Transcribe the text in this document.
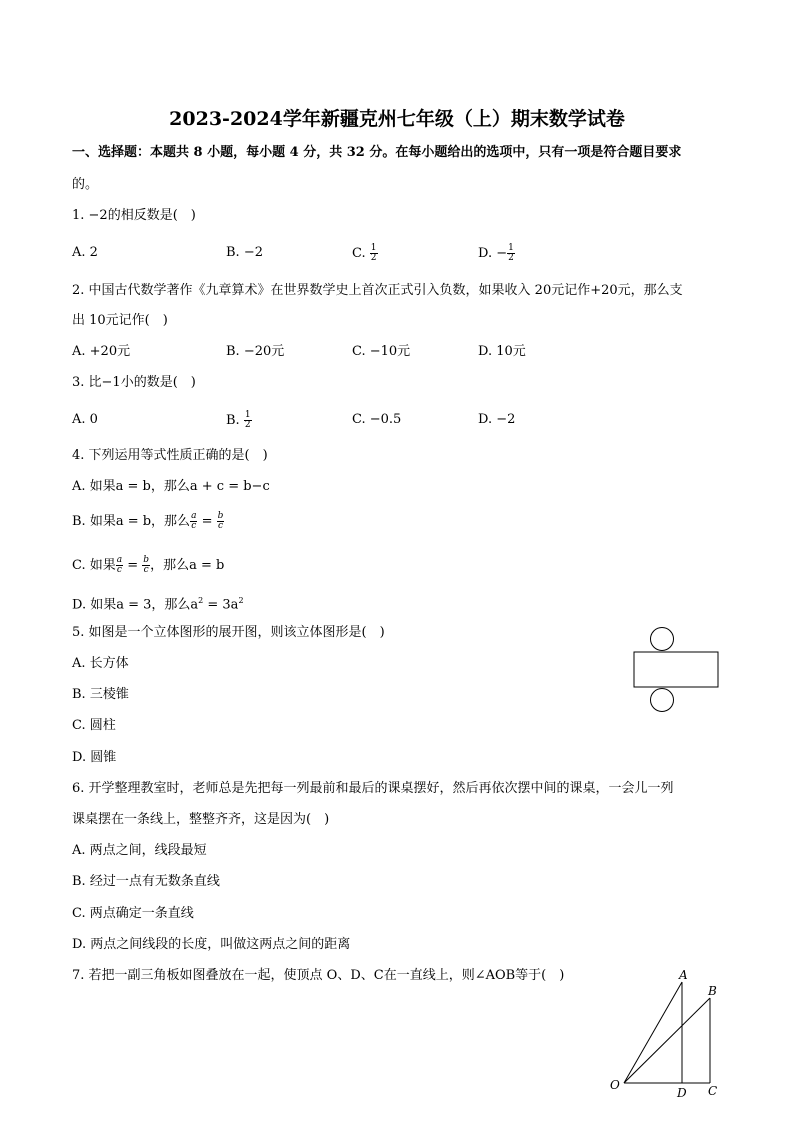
2023-2024学年新疆克州七年级（上）期末数学试卷
一、选择题：本题共 8 小题，每小题 4 分，共 32 分。在每小题给出的选项中，只有一项是符合题目要求
的。
1. −2的相反数是(　)
A. 2	B. −2	C. $\frac{1}{2}$	D. − $\frac{1}{2}$
2. 中国古代数学著作《九章算术》在世界数学史上首次正式引入负数，如果收入 20元记作+20元，那么支
出 10元记作(　)
A. +20元	B. −20元	C. −10元	D. 10元
3. 比−1小的数是(　)
A. 0	B. $\frac{1}{2}$	C. −0.5	D. −2
4. 下列运用等式性质正确的是(　)
A. 如果a = b，那么a + c = b−c
B. 如果a = b，那么 $\frac{a}{c} = \frac{b}{c}$
C. 如果 $\frac{a}{c} = \frac{b}{c}$ ，那么a = b
D. 如果a = 3，那么$a^2 = 3a^2$
5. 如图是一个立体图形的展开图，则该立体图形是(　)
A. 长方体
B. 三棱锥
C. 圆柱
D. 圆锥
6. 开学整理教室时，老师总是先把每一列最前和最后的课桌摆好，然后再依次摆中间的课桌，一会儿一列
课桌摆在一条线上，整整齐齐，这是因为(　)
A. 两点之间，线段最短
B. 经过一点有无数条直线
C. 两点确定一条直线
D. 两点之间线段的长度，叫做这两点之间的距离
7. 若把一副三角板如图叠放在一起，使顶点 O、D、C在一直线上，则∠AOB等于(　)	A
B
O
D C
